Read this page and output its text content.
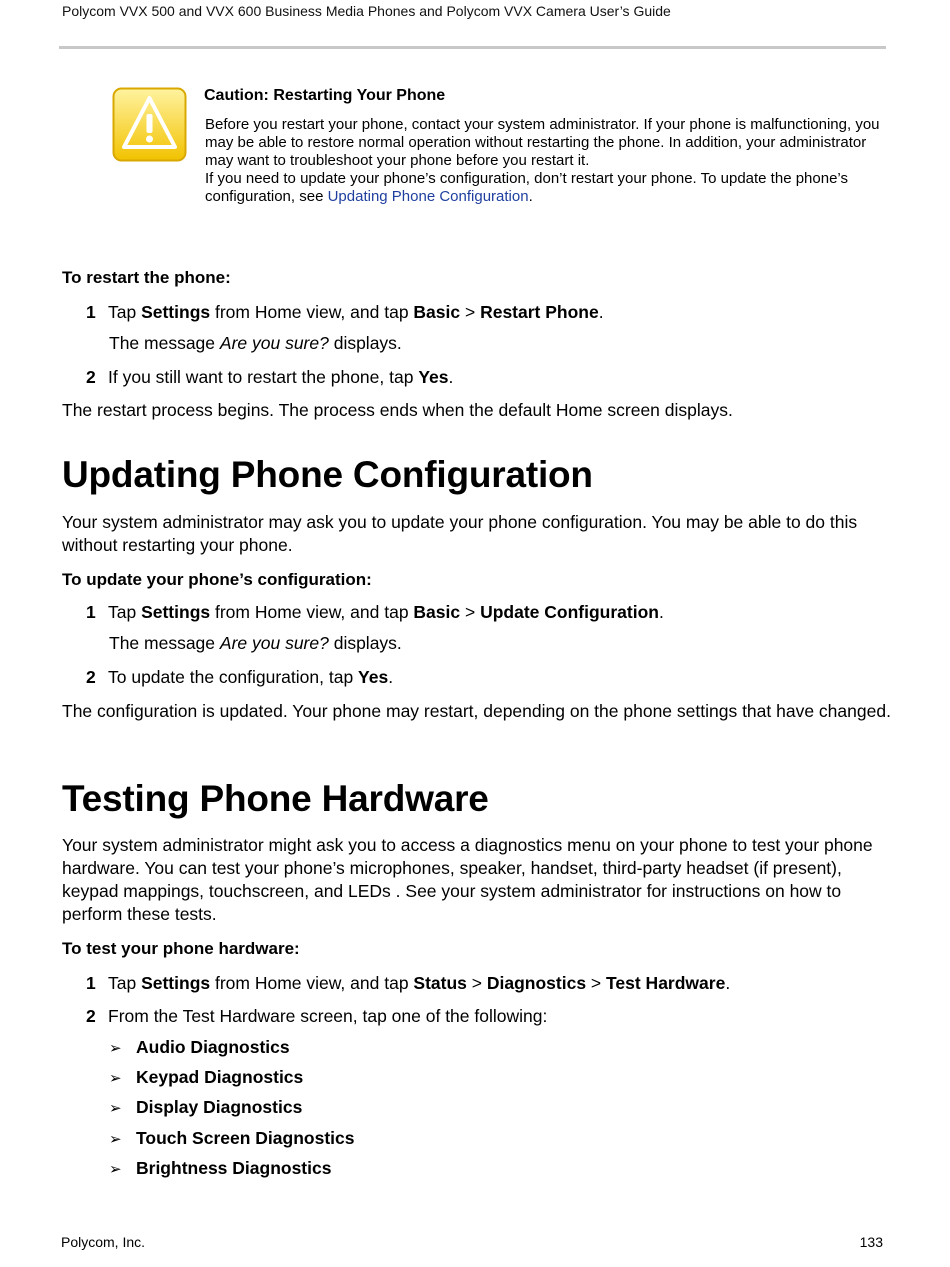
Polycom VVX 500 and VVX 600 Business Media Phones and Polycom VVX Camera User’s Guide
Caution: Restarting Your Phone

Before you restart your phone, contact your system administrator. If your phone is malfunctioning, you may be able to restore normal operation without restarting the phone. In addition, your administrator may want to troubleshoot your phone before you restart it.

If you need to update your phone’s configuration, don’t restart your phone. To update the phone’s configuration, see Updating Phone Configuration.

To restart the phone:
1 Tap Settings from Home view, and tap Basic > Restart Phone.
The message Are you sure? displays.
2 If you still want to restart the phone, tap Yes.
The restart process begins. The process ends when the default Home screen displays.
Updating Phone Configuration
Your system administrator may ask you to update your phone configuration. You may be able to do this without restarting your phone.
To update your phone’s configuration:
1 Tap Settings from Home view, and tap Basic > Update Configuration.
The message Are you sure? displays.
2 To update the configuration, tap Yes.
The configuration is updated. Your phone may restart, depending on the phone settings that have changed.
Testing Phone Hardware
Your system administrator might ask you to access a diagnostics menu on your phone to test your phone hardware. You can test your phone’s microphones, speaker, handset, third-party headset (if present), keypad mappings, touchscreen, and LEDs . See your system administrator for instructions on how to perform these tests.
To test your phone hardware:
1 Tap Settings from Home view, and tap Status > Diagnostics > Test Hardware.
2 From the Test Hardware screen, tap one of the following:
➢ Audio Diagnostics
➢ Keypad Diagnostics
➢ Display Diagnostics
➢ Touch Screen Diagnostics
➢ Brightness Diagnostics
Polycom, Inc.	133
